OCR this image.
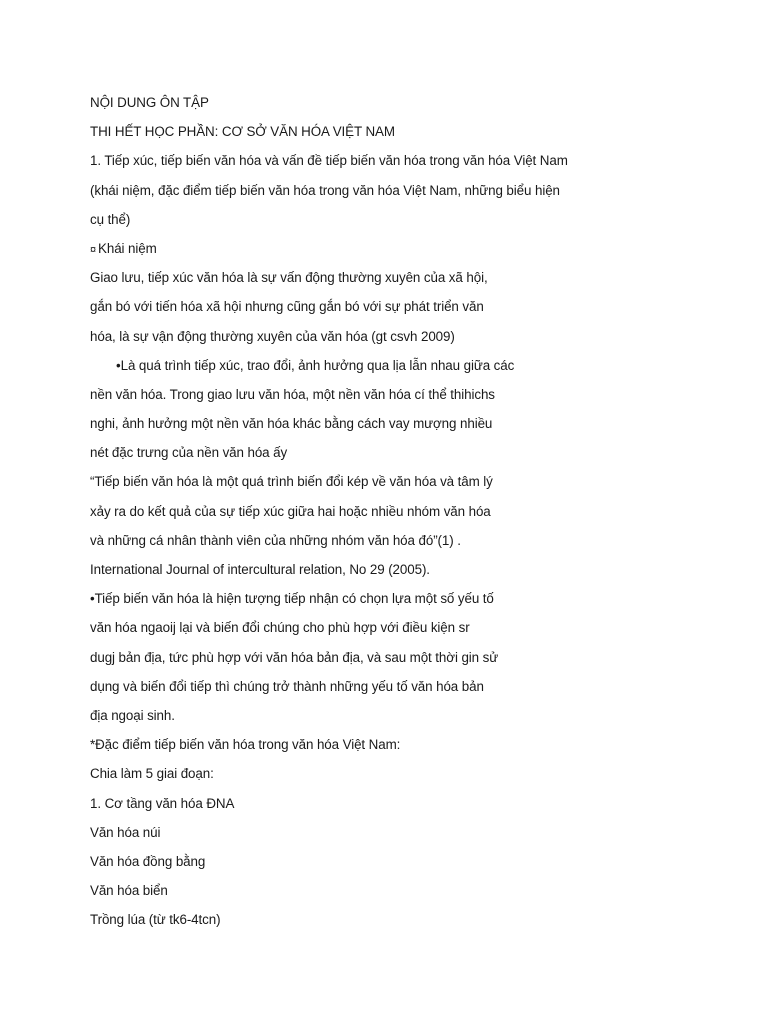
NỘI DUNG ÔN TẬP
THI HẾT HỌC PHẦN: CƠ SỞ VĂN HÓA VIỆT NAM
1. Tiếp xúc, tiếp biến văn hóa và vấn đề tiếp biến văn hóa trong văn hóa Việt Nam
(khái niệm, đặc điểm tiếp biến văn hóa trong văn hóa Việt Nam, những biểu hiện
cụ thể)
¤ Khái niệm
Giao lưu, tiếp xúc văn hóa là sự vấn động thường xuyên của xã hội,
gắn bó với tiến hóa xã hội nhưng cũng gắn bó với sự phát triển văn
hóa, là sự vận động thường xuyên của văn hóa (gt csvh 2009)
•Là quá trình tiếp xúc, trao đổi, ảnh hưởng qua lịa lẫn nhau giữa các
nền văn hóa. Trong giao lưu văn hóa, một nền văn hóa cí thể thihichs
nghi, ảnh hưởng một nền văn hóa khác bằng cách vay mượng nhiều
nét đặc trưng của nền văn hóa ấy
“Tiếp biến văn hóa là một quá trình biến đổi kép về văn hóa và tâm lý
xảy ra do kết quả của sự tiếp xúc giữa hai hoặc nhiều nhóm văn hóa
và những cá nhân thành viên của những nhóm văn hóa đó”(1) .
International Journal of intercultural relation, No 29 (2005).
•Tiếp biến văn hóa là hiện tượng tiếp nhận có chọn lựa một số yếu tố
văn hóa ngaoij lại và biến đổi chúng cho phù hợp với điều kiện sr
dugj bản địa, tức phù hợp với văn hóa bản địa, và sau một thời gin sử
dụng và biến đổi tiếp thì chúng trở thành những yếu tố văn hóa bản
địa ngoại sinh.
*Đặc điểm tiếp biến văn hóa trong văn hóa Việt Nam:
Chia làm 5 giai đoạn:
1. Cơ tầng văn hóa ĐNA
Văn hóa núi
Văn hóa đồng bằng
Văn hóa biển
Trồng lúa (từ tk6-4tcn)
